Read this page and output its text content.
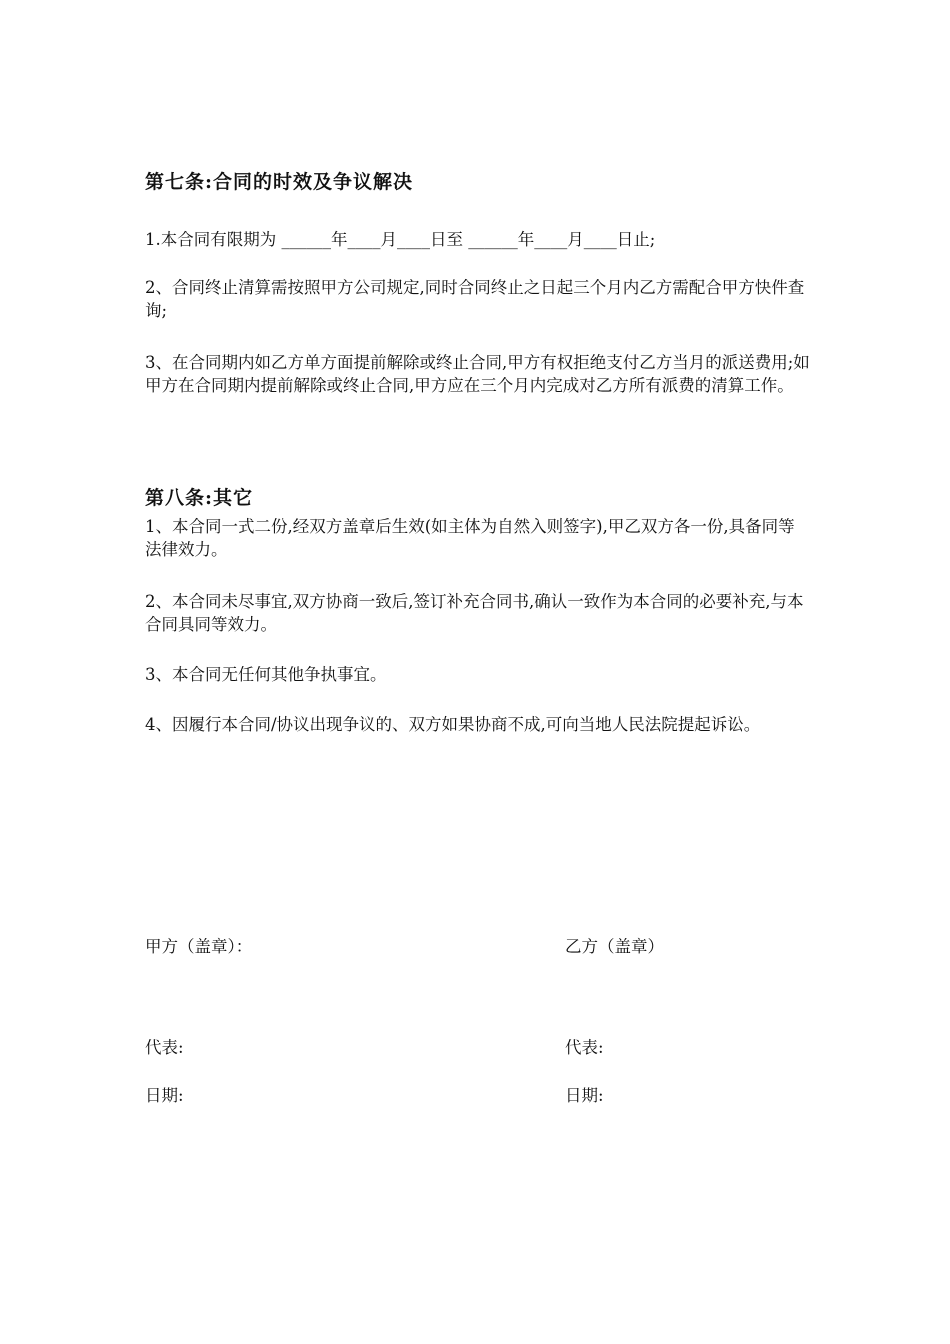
第七条:合同的时效及争议解决

1.本合同有限期为 ______年____月____日至 ______年____月____日止;

2、合同终止清算需按照甲方公司规定,同时合同终止之日起三个月内乙方需配合甲方快件查询;

3、在合同期内如乙方单方面提前解除或终止合同,甲方有权拒绝支付乙方当月的派送费用;如甲方在合同期内提前解除或终止合同,甲方应在三个月内完成对乙方所有派费的清算工作。

第八条:其它

1、本合同一式二份,经双方盖章后生效(如主体为自然入则签字),甲乙双方各一份,具备同等法律效力。

2、本合同未尽事宜,双方协商一致后,签订补充合同书,确认一致作为本合同的必要补充,与本合同具同等效力。

3、本合同无任何其他争执事宜。

4、因履行本合同/协议出现争议的、双方如果协商不成,可向当地人民法院提起诉讼。

甲方（盖章）：	乙方（盖章）
代表:	代表:
日期:	日期:
